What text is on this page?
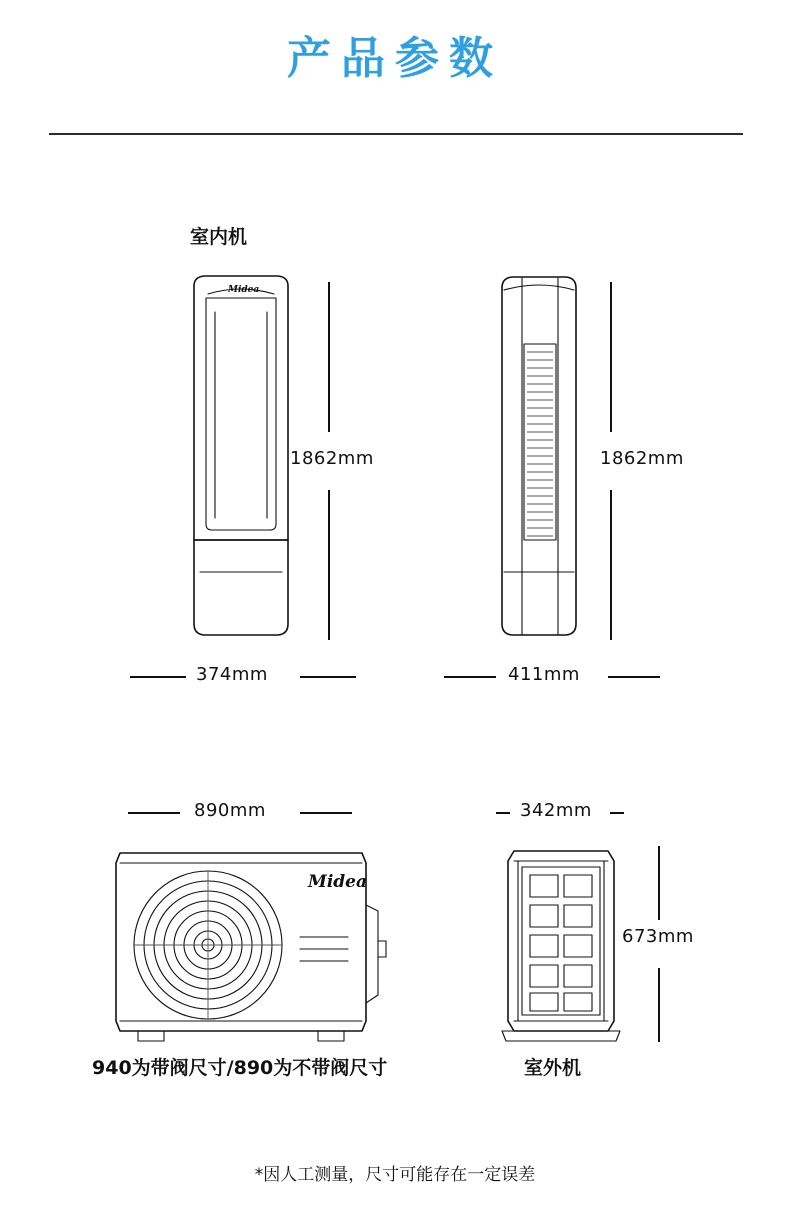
产品参数
室内机
Midea
1862mm
374mm
1862mm
411mm
890mm
Midea
940为带阀尺寸/890为不带阀尺寸
342mm
673mm
室外机
*因人工测量，尺寸可能存在一定误差
